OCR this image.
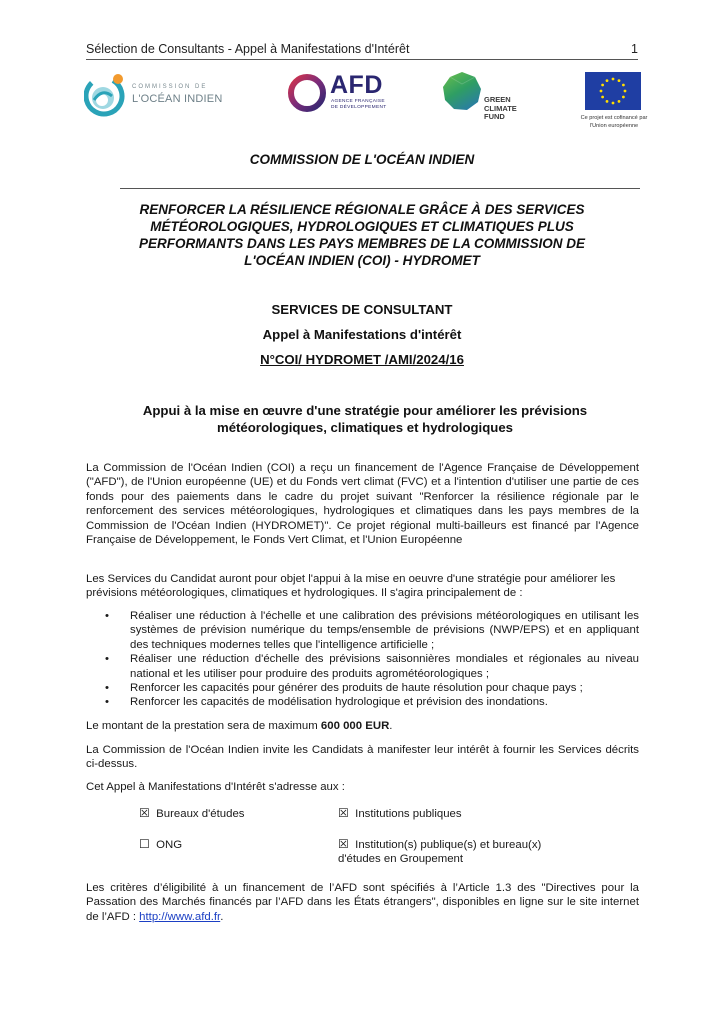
Sélection de Consultants - Appel à Manifestations d'Intérêt	1
COMMISSION DE
L'OCÉAN INDIEN	AFD
AGENCE FRANÇAISE
DE DÉVELOPPEMENT
GREEN
CLIMATE
FUND	Ce projet est cofinancé par
l'Union européenne
COMMISSION DE L'OCÉAN INDIEN
RENFORCER LA RÉSILIENCE RÉGIONALE GRÂCE À DES SERVICES MÉTÉOROLOGIQUES, HYDROLOGIQUES ET CLIMATIQUES PLUS PERFORMANTS DANS LES PAYS MEMBRES DE LA COMMISSION DE L'OCÉAN INDIEN (COI) - HYDROMET
SERVICES DE CONSULTANT
Appel à Manifestations d'intérêt
N°COI/ HYDROMET /AMI/2024/16
Appui à la mise en œuvre d'une stratégie pour améliorer les prévisions météorologiques, climatiques et hydrologiques

La Commission de l'Océan Indien (COI) a reçu un financement de l'Agence Française de Développement ("AFD"), de l'Union européenne (UE) et du Fonds vert climat (FVC) et a l'intention d'utiliser une partie de ces fonds pour des paiements dans le cadre du projet suivant "Renforcer la résilience régionale par le renforcement des services météorologiques, hydrologiques et climatiques dans les pays membres de la Commission de l'Océan Indien (HYDROMET)". Ce projet régional multi-bailleurs est financé par l'Agence Française de Développement, le Fonds Vert Climat, et l'Union Européenne

Les Services du Candidat auront pour objet l'appui à la mise en oeuvre d'une stratégie pour améliorer les prévisions météorologiques, climatiques et hydrologiques. Il s'agira principalement de :

• Réaliser une réduction à l'échelle et une calibration des prévisions météorologiques en utilisant les systèmes de prévision numérique du temps/ensemble de prévisions (NWP/EPS) et en appliquant des techniques modernes telles que l'intelligence artificielle ;
• Réaliser une réduction d'échelle des prévisions saisonnières mondiales et régionales au niveau national et les utiliser pour produire des produits agrométéorologiques ;
• Renforcer les capacités pour générer des produits de haute résolution pour chaque pays ;
• Renforcer les capacités de modélisation hydrologique et prévision des inondations.

Le montant de la prestation sera de maximum 600 000 EUR.

La Commission de l'Océan Indien invite les Candidats à manifester leur intérêt à fournir les Services décrits ci-dessus.

Cet Appel à Manifestations d'Intérêt s'adresse aux :

☒ Bureaux d'études	☒ Institutions publiques
☐ ONG	☒ Institution(s) publique(s) et bureau(x) d'études en Groupement

Les critères d’éligibilité à un financement de l’AFD sont spécifiés à l’Article 1.3 des "Directives pour la Passation des Marchés financés par l’AFD dans les États étrangers", disponibles en ligne sur le site internet de l’AFD : http://www.afd.fr.
